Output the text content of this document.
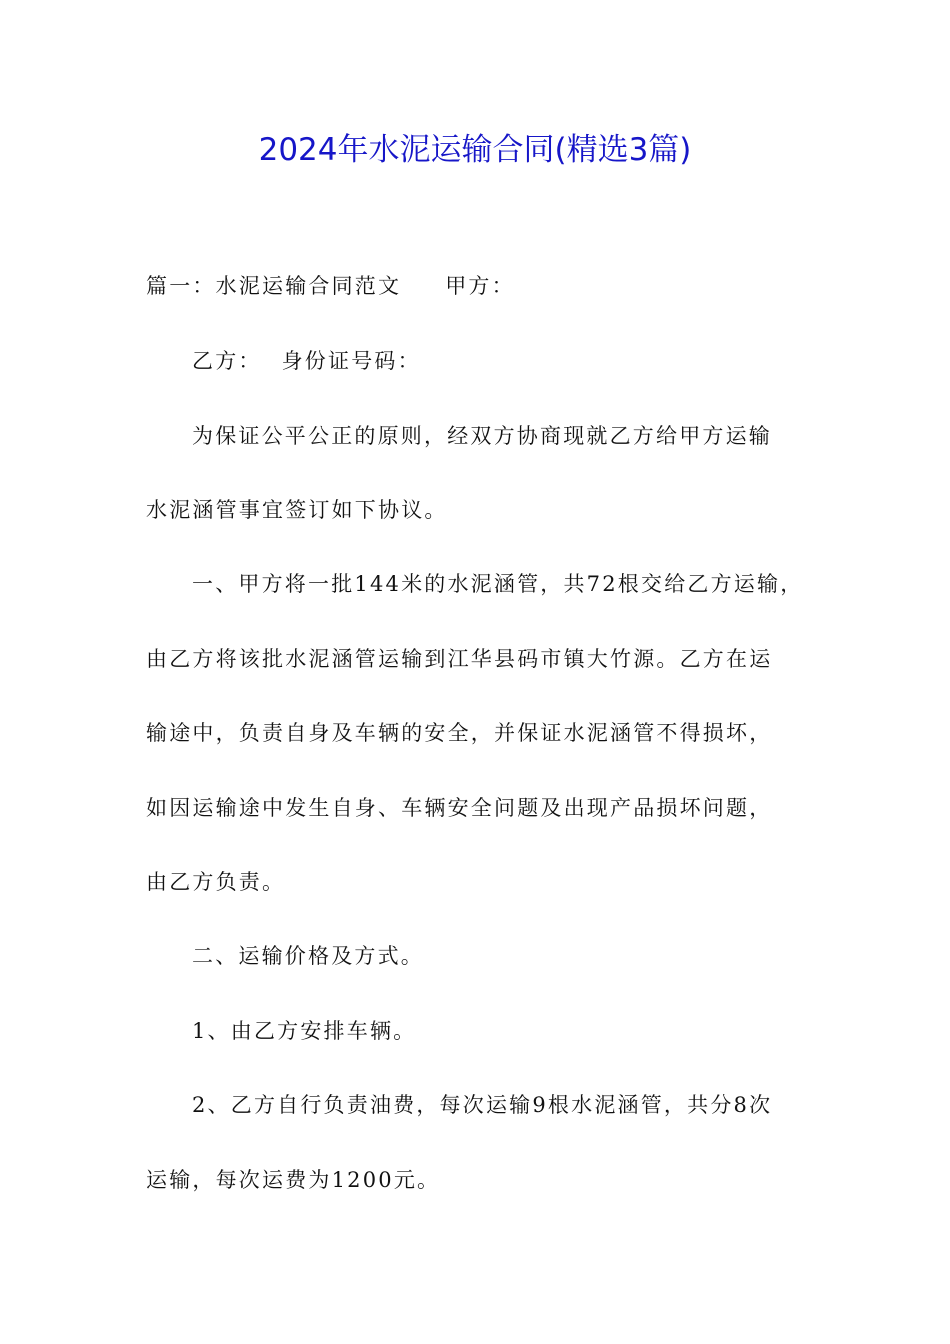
2024年水泥运输合同(精选3篇)
篇一：水泥运输合同范文 甲方：
乙方： 身份证号码：
为保证公平公正的原则，经双方协商现就乙方给甲方运输
水泥涵管事宜签订如下协议。
一、甲方将一批144米的水泥涵管，共72根交给乙方运输，
由乙方将该批水泥涵管运输到江华县码市镇大竹源。乙方在运
输途中，负责自身及车辆的安全，并保证水泥涵管不得损坏，
如因运输途中发生自身、车辆安全问题及出现产品损坏问题，
由乙方负责。
二、运输价格及方式。
1、由乙方安排车辆。
2、乙方自行负责油费，每次运输9根水泥涵管，共分8次
运输，每次运费为1200元。
